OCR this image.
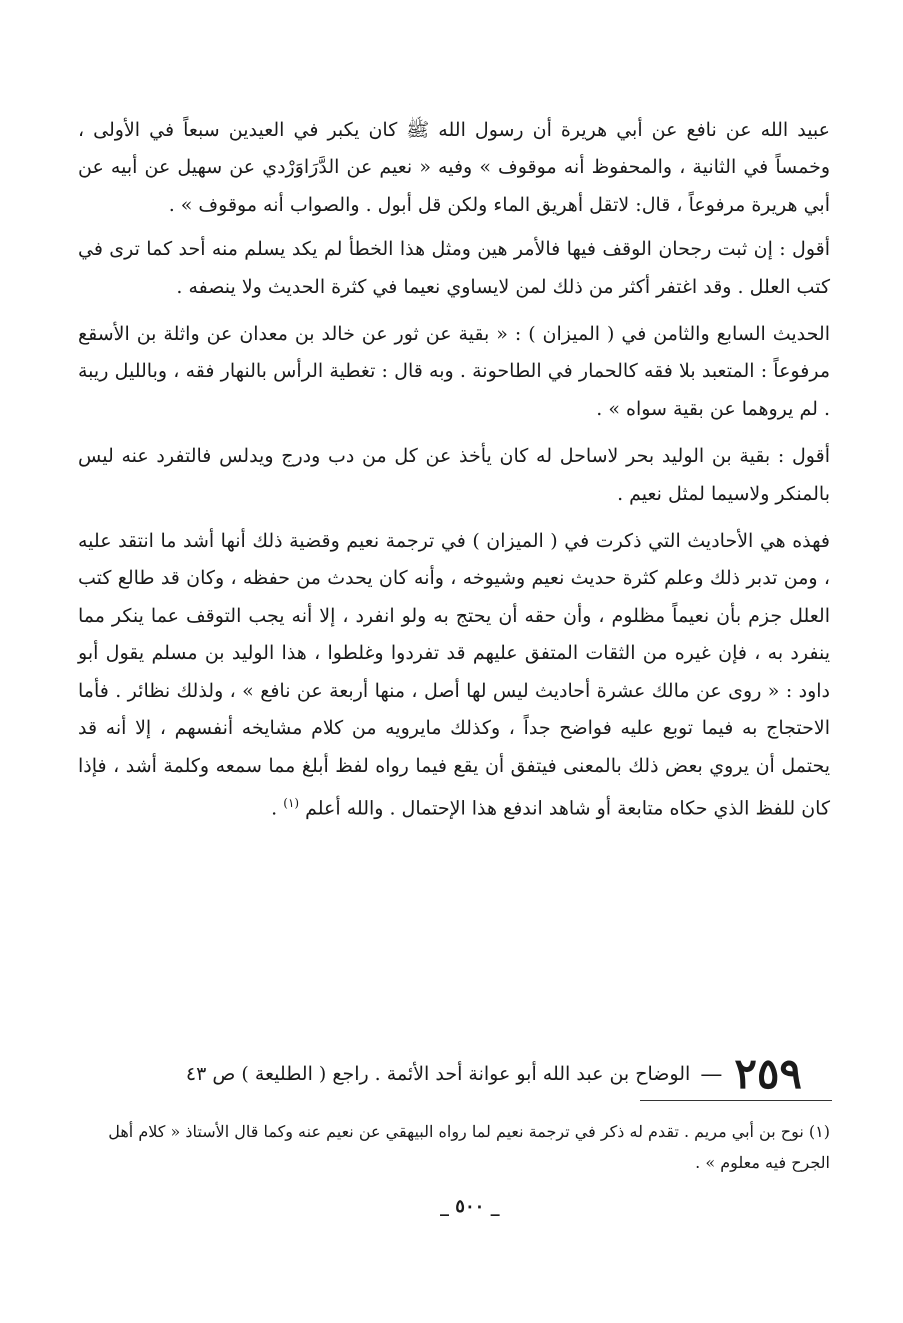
عبيد الله عن نافع عن أبي هريرة أن رسول الله ﷺ كان يكبر في العيدين سبعاً في الأولى ، وخمساً في الثانية ، والمحفوظ أنه موقوف » وفيه « نعيم عن الدَّرَاوَرْدي عن سهيل عن أبيه عن أبي هريرة مرفوعاً ، قال: لاتقل أهريق الماء ولكن قل أبول . والصواب أنه موقوف » .

أقول : إن ثبت رجحان الوقف فيها فالأمر هين ومثل هذا الخطأ لم يكد يسلم منه أحد كما ترى في كتب العلل . وقد اغتفر أكثر من ذلك لمن لايساوي نعيما في كثرة الحديث ولا ينصفه .

الحديث السابع والثامن في ( الميزان ) : « بقية عن ثور عن خالد بن معدان عن واثلة بن الأسقع مرفوعاً : المتعبد بلا فقه كالحمار في الطاحونة . وبه قال : تغطية الرأس بالنهار فقه ، وبالليل ريبة . لم يروهما عن بقية سواه » .

أقول : بقية بن الوليد بحر لاساحل له كان يأخذ عن كل من دب ودرج ويدلس فالتفرد عنه ليس بالمنكر ولاسيما لمثل نعيم .

فهذه هي الأحاديث التي ذكرت في ( الميزان ) في ترجمة نعيم وقضية ذلك أنها أشد ما انتقد عليه ، ومن تدبر ذلك وعلم كثرة حديث نعيم وشيوخه ، وأنه كان يحدث من حفظه ، وكان قد طالع كتب العلل جزم بأن نعيماً مظلوم ، وأن حقه أن يحتج به ولو انفرد ، إلا أنه يجب التوقف عما ينكر مما ينفرد به ، فإن غيره من الثقات المتفق عليهم قد تفردوا وغلطوا ، هذا الوليد بن مسلم يقول أبو داود : « روى عن مالك عشرة أحاديث ليس لها أصل ، منها أربعة عن نافع » ، ولذلك نظائر . فأما الاحتجاج به فيما توبع عليه فواضح جداً ، وكذلك مايرويه من كلام مشايخه أنفسهم ، إلا أنه قد يحتمل أن يروي بعض ذلك بالمعنى فيتفق أن يقع فيما رواه لفظ أبلغ مما سمعه وكلمة أشد ، فإذا كان للفظ الذي حكاه متابعة أو شاهد اندفع هذا الإحتمال . والله أعلم $^{(١)}$ .

٢٥٩
—
الوضاح بن عبد الله أبو عوانة أحد الأئمة . راجع ( الطليعة ) ص ٤٣

(١) نوح بن أبي مريم . تقدم له ذكر في ترجمة نعيم لما رواه البيهقي عن نعيم عنه وكما قال الأستاذ « كلام أهل الجرح فيه معلوم » .

_ ٥٠٠ _
